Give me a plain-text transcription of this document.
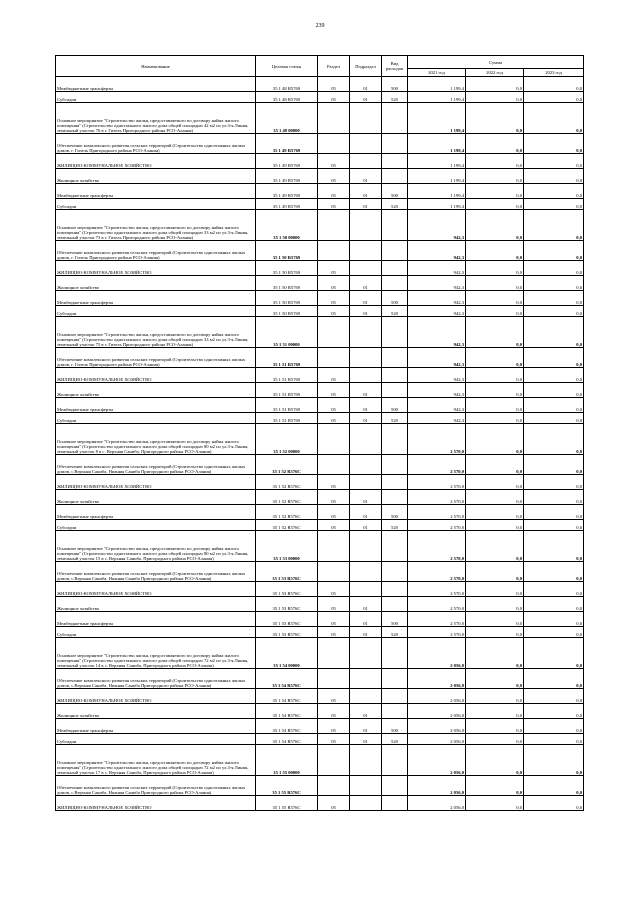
239
Наименование	Целевая статья	Раздел	Подраздел	Вид расходов	Сумма		
					2021 год	2022 год	2023 год
Межбюджетные трансферты	35 1 48 R5769	05	01	500	1 199,4	0,0	0,0
Субсидии	35 1 48 R5769	05	01	520	1 199,4	0,0	0,0
Основное мероприятие "Строительство жилья, предоставляемого по договору найма жилого помещения" (Строительство одноэтажного жилого дома общей площадью 42 м2 по ул.3-я Линия, земельный участок 76 в г. Гизель Пригородного района РСО-Алания)	35 1 49 00000				1 199,4	0,0	0,0
Обеспечение комплексного развития сельских территорий (Строительство одноэтажных жилых домов, г. Гизель Пригородного района РСО-Алания)	35 1 49 R5769				1 199,4	0,0	0,0
ЖИЛИЩНО-КОММУНАЛЬНОЕ ХОЗЯЙСТВО	35 1 49 R5769	05			1 199,4	0,0	0,0
Жилищное хозяйство	35 1 49 R5769	05	01		1 199,4	0,0	0,0
Межбюджетные трансферты	35 1 49 R5769	05	01	500	1 199,4	0,0	0,0
Субсидии	35 1 49 R5769	05	01	520	1 199,4	0,0	0,0
Основное мероприятие "Строительство жилья, предоставляемого по договору найма жилого помещения" (Строительство одноэтажного жилого дома общей площадью 33 м2 по ул.3-я Линия, земельный участок 73 в г. Гизель Пригородного района РСО-Алания)	35 1 50 00000				942,3	0,0	0,0
Обеспечение комплексного развития сельских территорий (Строительство одноэтажных жилых домов, г. Гизель Пригородного района РСО-Алания)	35 1 50 R5769				942,3	0,0	0,0
ЖИЛИЩНО-КОММУНАЛЬНОЕ ХОЗЯЙСТВО	35 1 50 R5769	05			942,3	0,0	0,0
Жилищное хозяйство	35 1 50 R5769	05	01		942,3	0,0	0,0
Межбюджетные трансферты	35 1 50 R5769	05	01	500	942,3	0,0	0,0
Субсидии	35 1 50 R5769	05	01	520	942,3	0,0	0,0
Основное мероприятие "Строительство жилья, предоставляемого по договору найма жилого помещения" (Строительство одноэтажного жилого дома общей площадью 33 м2 по ул.3-я Линия, земельный участок 75 в г. Гизель Пригородного района РСО-Алания)	35 1 51 00000				942,3	0,0	0,0
Обеспечение комплексного развития сельских территорий (Строительство одноэтажных жилых домов, г. Гизель Пригородного района РСО-Алания)	35 1 51 R5769				942,3	0,0	0,0
ЖИЛИЩНО-КОММУНАЛЬНОЕ ХОЗЯЙСТВО	35 1 51 R5769	05			942,3	0,0	0,0
Жилищное хозяйство	35 1 51 R5769	05	01		942,3	0,0	0,0
Межбюджетные трансферты	35 1 51 R5769	05	01	500	942,3	0,0	0,0
Субсидии	35 1 51 R5769	05	01	520	942,3	0,0	0,0
Основное мероприятие "Строительство жилья, предоставляемого по договору найма жилого помещения" (Строительство одноэтажного жилого дома общей площадью 80 м2 по ул.3-я Линия, земельный участок 8 в с. Верхняя Саниба, Пригородного района РСО-Алания)	35 1 52 00000				2 570,0	0,0	0,0
Обеспечение комплексного развития сельских территорий (Строительство одноэтажных жилых домов, с.Верхняя Саниба, Нижняя Саниба Пригородного района РСО-Алания)	35 1 52 R576C				2 570,0	0,0	0,0
ЖИЛИЩНО-КОММУНАЛЬНОЕ ХОЗЯЙСТВО	35 1 52 R576C	05			2 570,0	0,0	0,0
Жилищное хозяйство	35 1 52 R576C	05	01		2 570,0	0,0	0,0
Межбюджетные трансферты	35 1 52 R576C	05	01	500	2 570,0	0,0	0,0
Субсидии	35 1 52 R576C	05	01	520	2 570,0	0,0	0,0
Основное мероприятие "Строительство жилья, предоставляемого по договору найма жилого помещения" (Строительство одноэтажного жилого дома общей площадью 80 м2 по ул.3-я Линия, земельный участок 15 в с. Верхняя Саниба, Пригородного района РСО-Алания)	35 1 53 00000				2 570,0	0,0	0,0
Обеспечение комплексного развития сельских территорий (Строительство одноэтажных жилых домов, с.Верхняя Саниба, Нижняя Саниба Пригородного района РСО-Алания)	35 1 53 R576C				2 570,0	0,0	0,0
ЖИЛИЩНО-КОММУНАЛЬНОЕ ХОЗЯЙСТВО	35 1 53 R576C	05			2 570,0	0,0	0,0
Жилищное хозяйство	35 1 53 R576C	05	01		2 570,0	0,0	0,0
Межбюджетные трансферты	35 1 53 R576C	05	01	500	2 570,0	0,0	0,0
Субсидии	35 1 53 R576C	05	01	520	2 570,0	0,0	0,0
Основное мероприятие "Строительство жилья, предоставляемого по договору найма жилого помещения" (Строительство одноэтажного жилого дома общей площадью 72 м2 по ул.3-я Линия, земельный участок 14 в с. Верхняя Саниба, Пригородного района РСО-Алания)	35 1 54 00000				2 056,0	0,0	0,0
Обеспечение комплексного развития сельских территорий (Строительство одноэтажных жилых домов, с.Верхняя Саниба, Нижняя Саниба Пригородного района РСО-Алания)	35 1 54 R576C				2 056,0	0,0	0,0
ЖИЛИЩНО-КОММУНАЛЬНОЕ ХОЗЯЙСТВО	35 1 54 R576C	05			2 056,0	0,0	0,0
Жилищное хозяйство	35 1 54 R576C	05	01		2 056,0	0,0	0,0
Межбюджетные трансферты	35 1 54 R576C	05	01	500	2 056,0	0,0	0,0
Субсидии	35 1 54 R576C	05	01	520	2 056,0	0,0	0,0
Основное мероприятие "Строительство жилья, предоставляемого по договору найма жилого помещения" (Строительство одноэтажного жилого дома общей площадью 72 м2 по ул.3-я Линия, земельный участок 17 в с. Верхняя Саниба, Пригородного района РСО-Алания)	35 1 55 00000				2 056,0	0,0	0,0
Обеспечение комплексного развития сельских территорий (Строительство одноэтажных жилых домов, с.Верхняя Саниба, Нижняя Саниба Пригородного района РСО-Алания)	35 1 55 R576C				2 056,0	0,0	0,0
ЖИЛИЩНО-КОММУНАЛЬНОЕ ХОЗЯЙСТВО	35 1 55 R576C	05			2 056,0	0,0	0,0
